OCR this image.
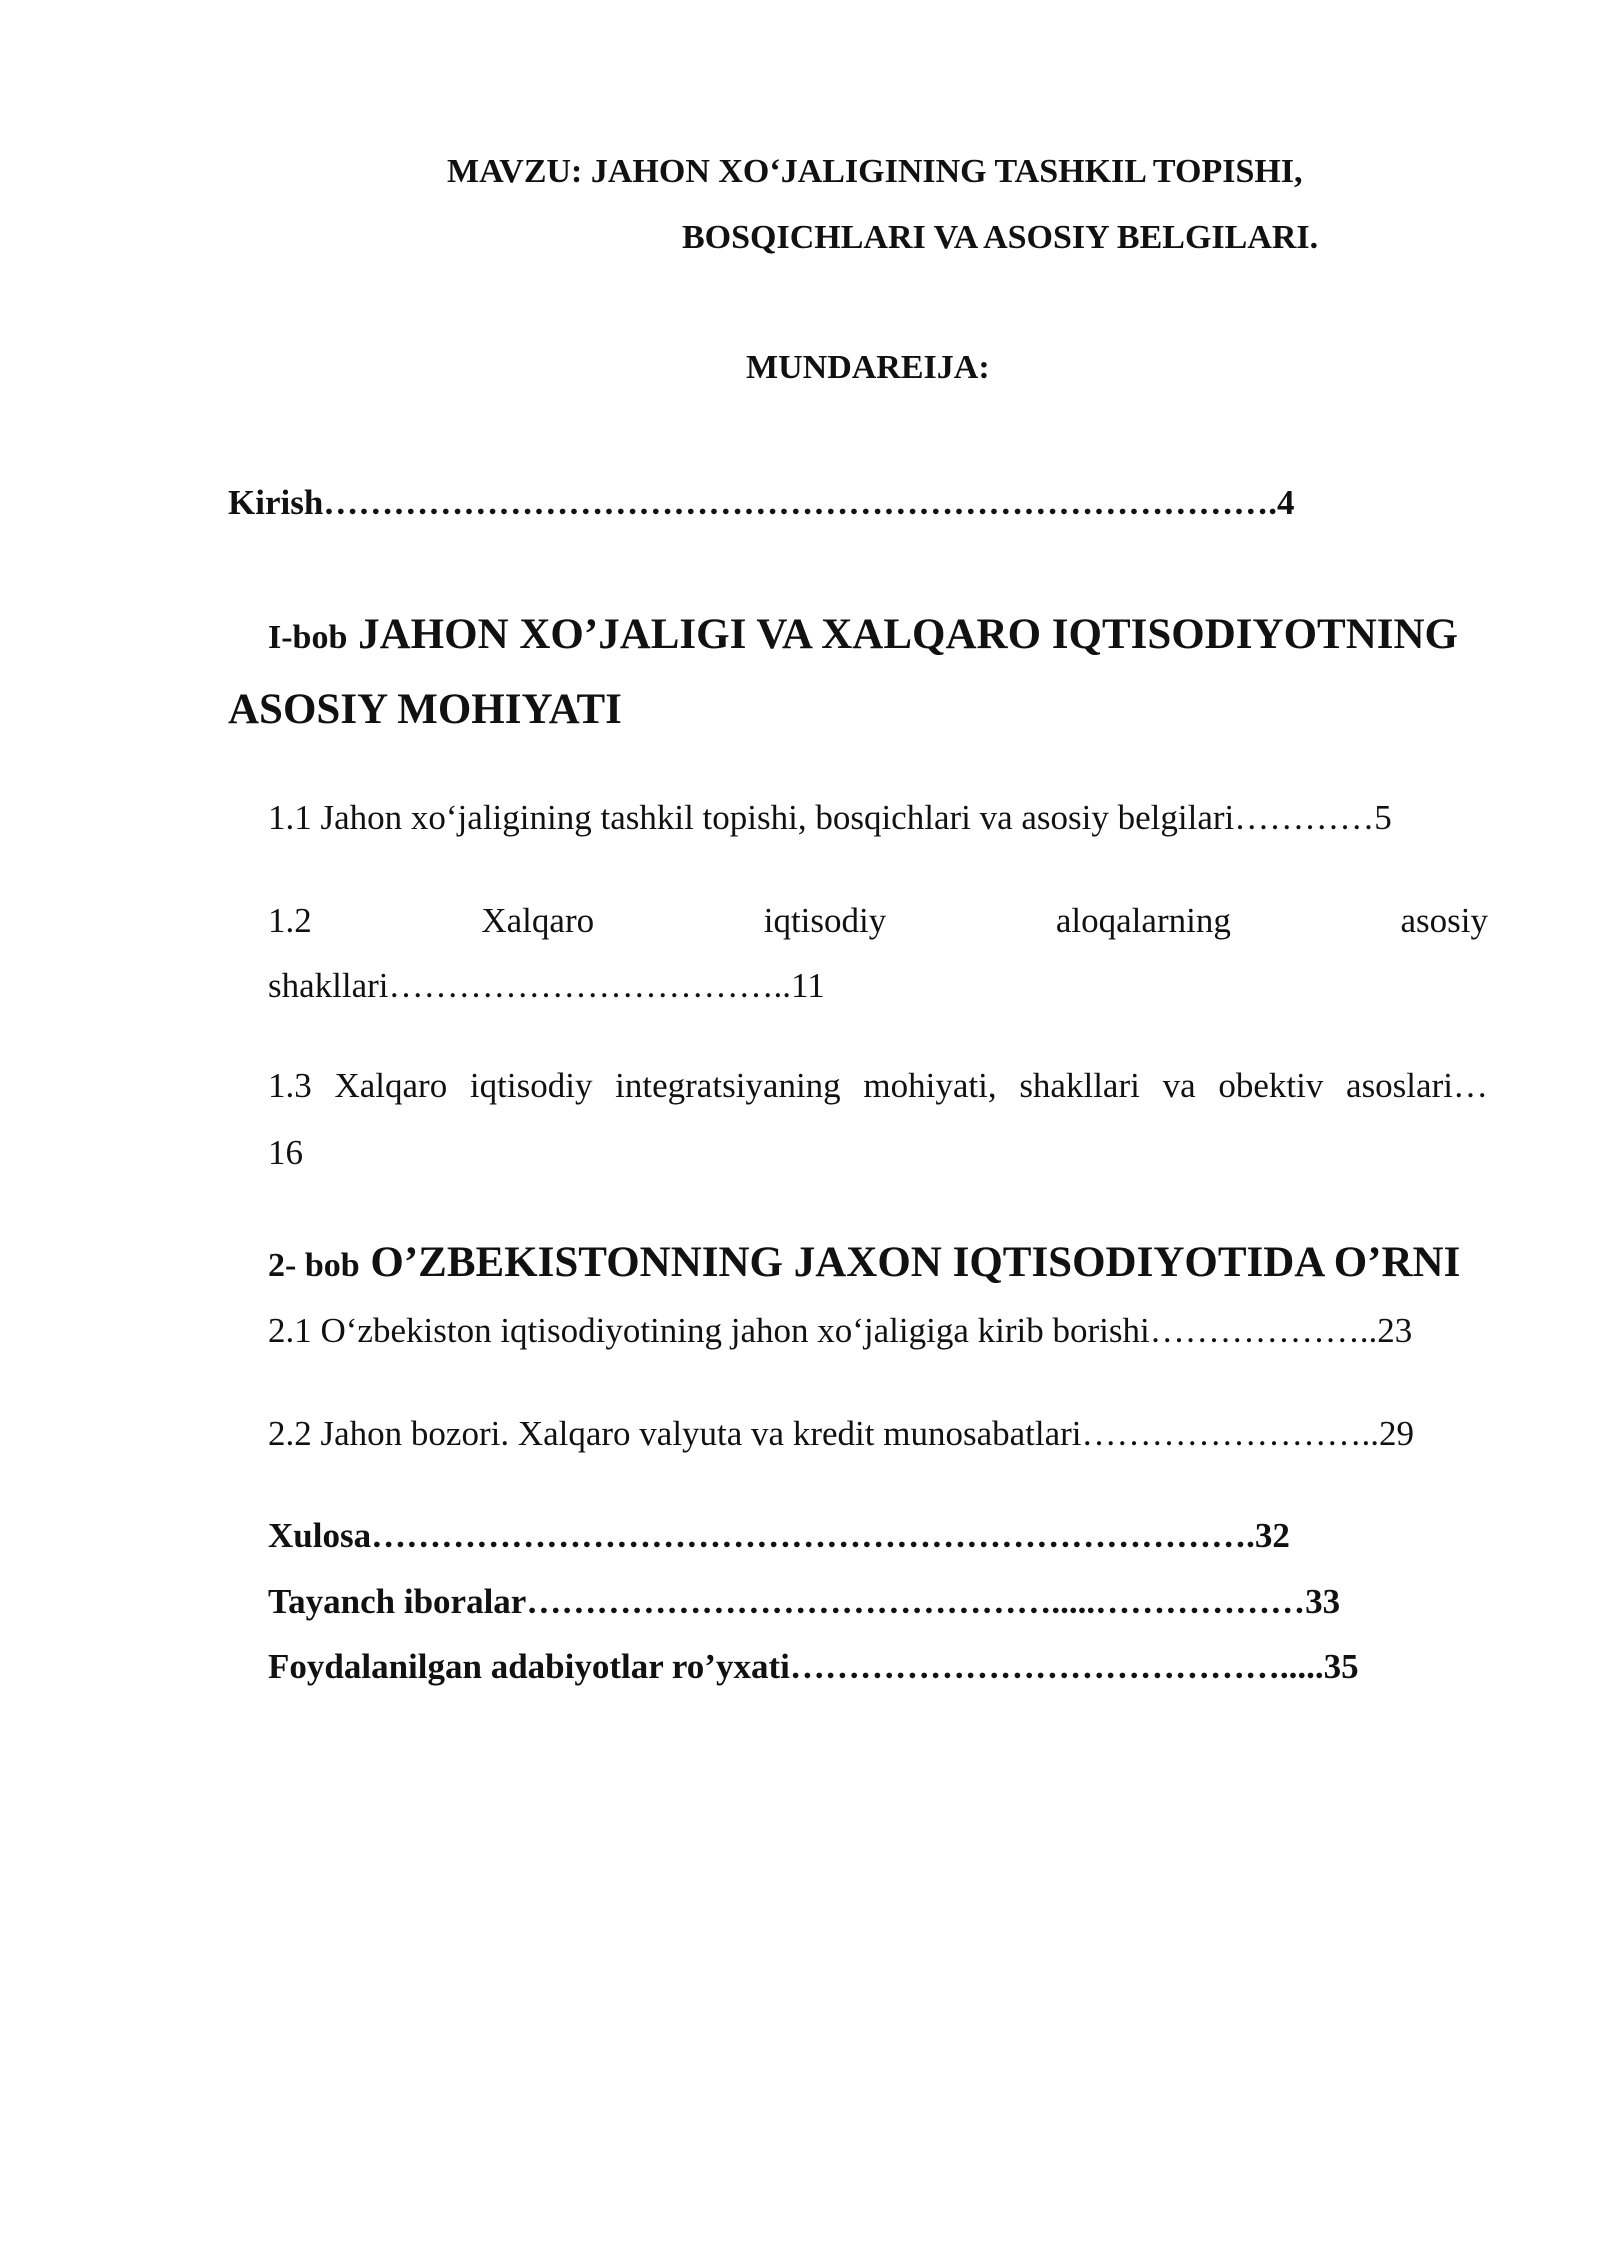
MAVZU: JAHON XO‘JALIGINING TASHKIL TOPISHI,
BOSQICHLARI VA ASOSIY BELGILARI.
MUNDAREIJA:
Kirish……………………………………………………………………….4
I-bob JAHON XO’JALIGI VA XALQARO IQTISODIYOTNING
ASOSIY MOHIYATI
1.1 Jahon xo‘jaligining tashkil topishi, bosqichlari va asosiy belgilari…………5
1.2	Xalqaro	iqtisodiy	aloqalarning	asosiy
shakllari……………………………..11
1.3 Xalqaro iqtisodiy integratsiyaning mohiyati, shakllari va obektiv asoslari…
16
2- bob O’ZBEKISTONNING JAXON IQTISODIYOTIDA O’RNI
2.1 O‘zbekiston iqtisodiyotining jahon xo‘jaligiga kirib borishi………………..23
2.2 Jahon bozori. Xalqaro valyuta va kredit munosabatlari……………………..29
Xulosa………………………………………………………………….32
Tayanch iboralar……………………………………….....………………33
Foydalanilgan adabiyotlar ro’yxati…………………………………….....35
